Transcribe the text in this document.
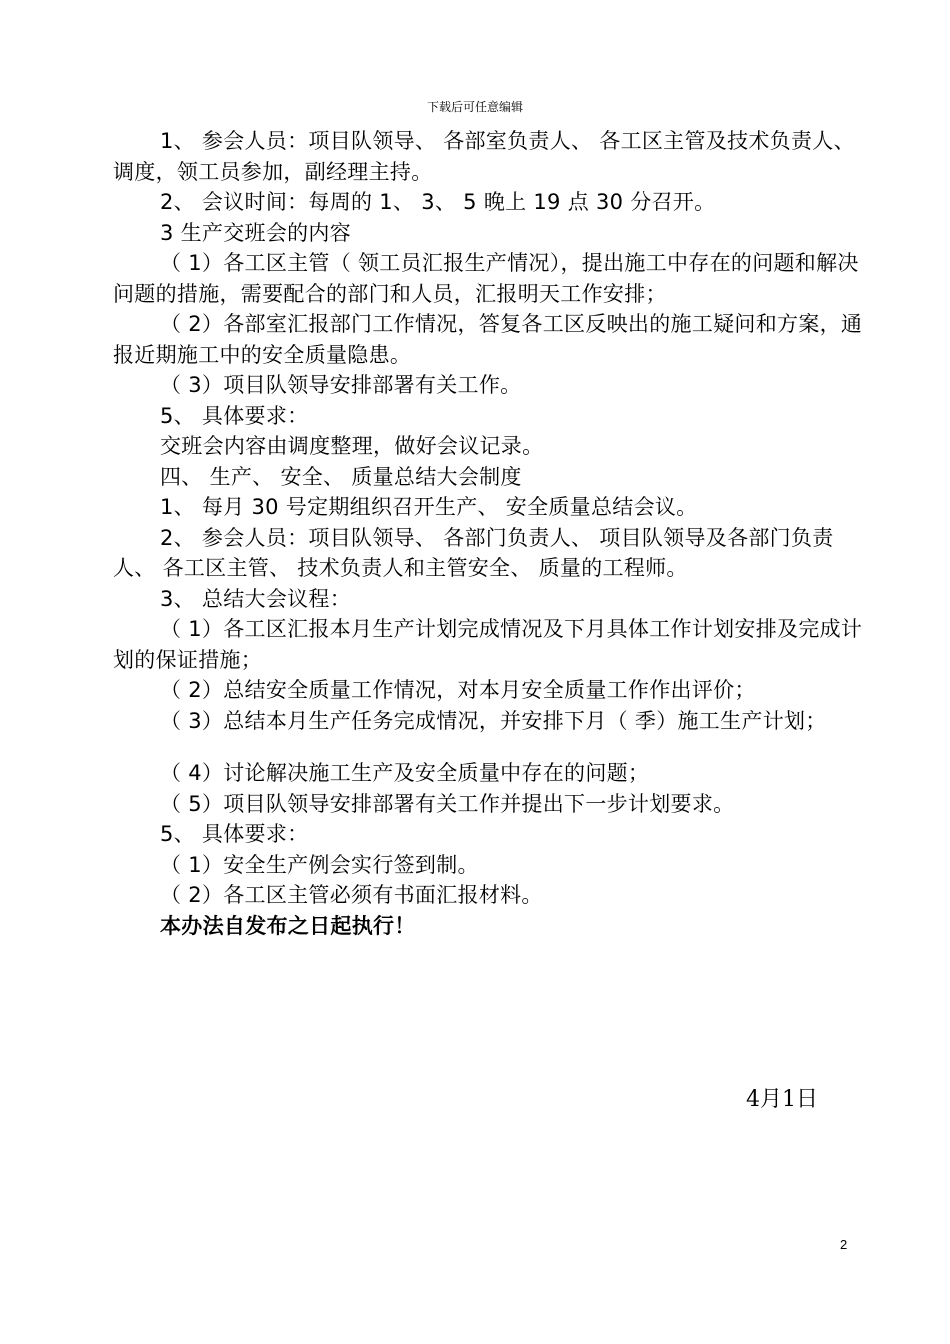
下载后可任意编辑

1、 参会人员：项目队领导、 各部室负责人、 各工区主管及技术负责人、 调度，领工员参加，副经理主持。

2、 会议时间：每周的 1、 3、 5 晚上 19 点 30 分召开。

3 生产交班会的内容

（ 1）各工区主管（ 领工员汇报生产情况），提出施工中存在的问题和解决问题的措施，需要配合的部门和人员，汇报明天工作安排；

（ 2）各部室汇报部门工作情况，答复各工区反映出的施工疑问和方案，通报近期施工中的安全质量隐患。

（ 3）项目队领导安排部署有关工作。

5、 具体要求：

交班会内容由调度整理，做好会议记录。

四、 生产、 安全、 质量总结大会制度

1、 每月 30 号定期组织召开生产、 安全质量总结会议。

2、 参会人员：项目队领导、 各部门负责人、 项目队领导及各部门负责人、 各工区主管、 技术负责人和主管安全、 质量的工程师。

3、 总结大会议程：

（ 1）各工区汇报本月生产计划完成情况及下月具体工作计划安排及完成计划的保证措施；

（ 2）总结安全质量工作情况，对本月安全质量工作作出评价；

（ 3）总结本月生产任务完成情况，并安排下月（ 季）施工生产计划；

（ 4）讨论解决施工生产及安全质量中存在的问题；

（ 5）项目队领导安排部署有关工作并提出下一步计划要求。

5、 具体要求：

（ 1）安全生产例会实行签到制。

（ 2）各工区主管必须有书面汇报材料。

本办法自发布之日起执行！

4月1日
2
